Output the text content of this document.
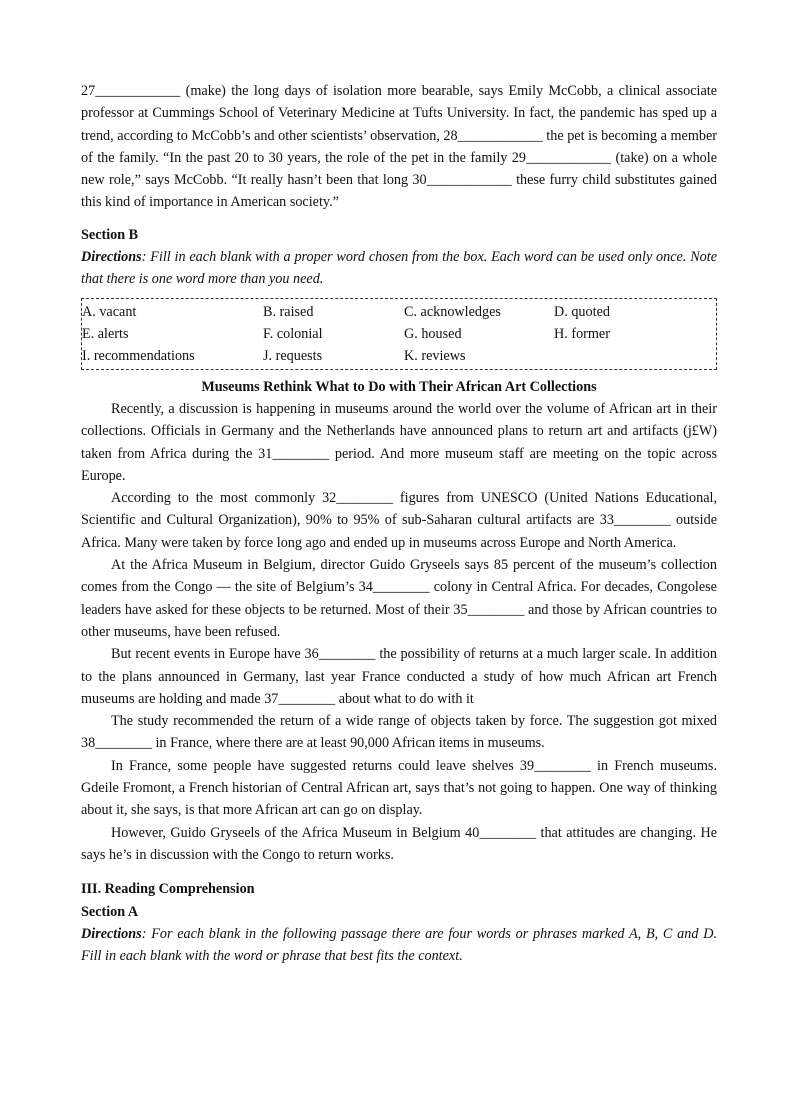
27____________ (make) the long days of isolation more bearable, says Emily McCobb, a clinical associate professor at Cummings School of Veterinary Medicine at Tufts University. In fact, the pandemic has sped up a trend, according to McCobb’s and other scientists’ observation, 28____________ the pet is becoming a member of the family. “In the past 20 to 30 years, the role of the pet in the family 29____________ (take) on a whole new role,” says McCobb. “It really hasn’t been that long 30____________ these furry child substitutes gained this kind of importance in American society.”

Section B

Directions: Fill in each blank with a proper word chosen from the box. Each word can be used only once. Note that there is one word more than you need.

A. vacant	B. raised	C. acknowledges	D. quoted
E. alerts	F. colonial	G. housed	H. former
I. recommendations	J. requests	K. reviews
Museums Rethink What to Do with Their African Art Collections

Recently, a discussion is happening in museums around the world over the volume of African art in their collections. Officials in Germany and the Netherlands have announced plans to return art and artifacts (j£W) taken from Africa during the 31________ period. And more museum staff are meeting on the topic across Europe.

According to the most commonly 32________ figures from UNESCO (United Nations Educational, Scientific and Cultural Organization), 90% to 95% of sub-Saharan cultural artifacts are 33________ outside Africa. Many were taken by force long ago and ended up in museums across Europe and North America.

At the Africa Museum in Belgium, director Guido Gryseels says 85 percent of the museum’s collection comes from the Congo — the site of Belgium’s 34________ colony in Central Africa. For decades, Congolese leaders have asked for these objects to be returned. Most of their 35________ and those by African countries to other museums, have been refused.

But recent events in Europe have 36________ the possibility of returns at a much larger scale. In addition to the plans announced in Germany, last year France conducted a study of how much African art French museums are holding and made 37________ about what to do with it

The study recommended the return of a wide range of objects taken by force. The suggestion got mixed 38________ in France, where there are at least 90,000 African items in museums.

In France, some people have suggested returns could leave shelves 39________ in French museums. Gdeile Fromont, a French historian of Central African art, says that’s not going to happen. One way of thinking about it, she says, is that more African art can go on display.

However, Guido Gryseels of the Africa Museum in Belgium 40________ that attitudes are changing. He says he’s in discussion with the Congo to return works.

III. Reading Comprehension
Section A

Directions: For each blank in the following passage there are four words or phrases marked A, B, C and D. Fill in each blank with the word or phrase that best fits the context.
